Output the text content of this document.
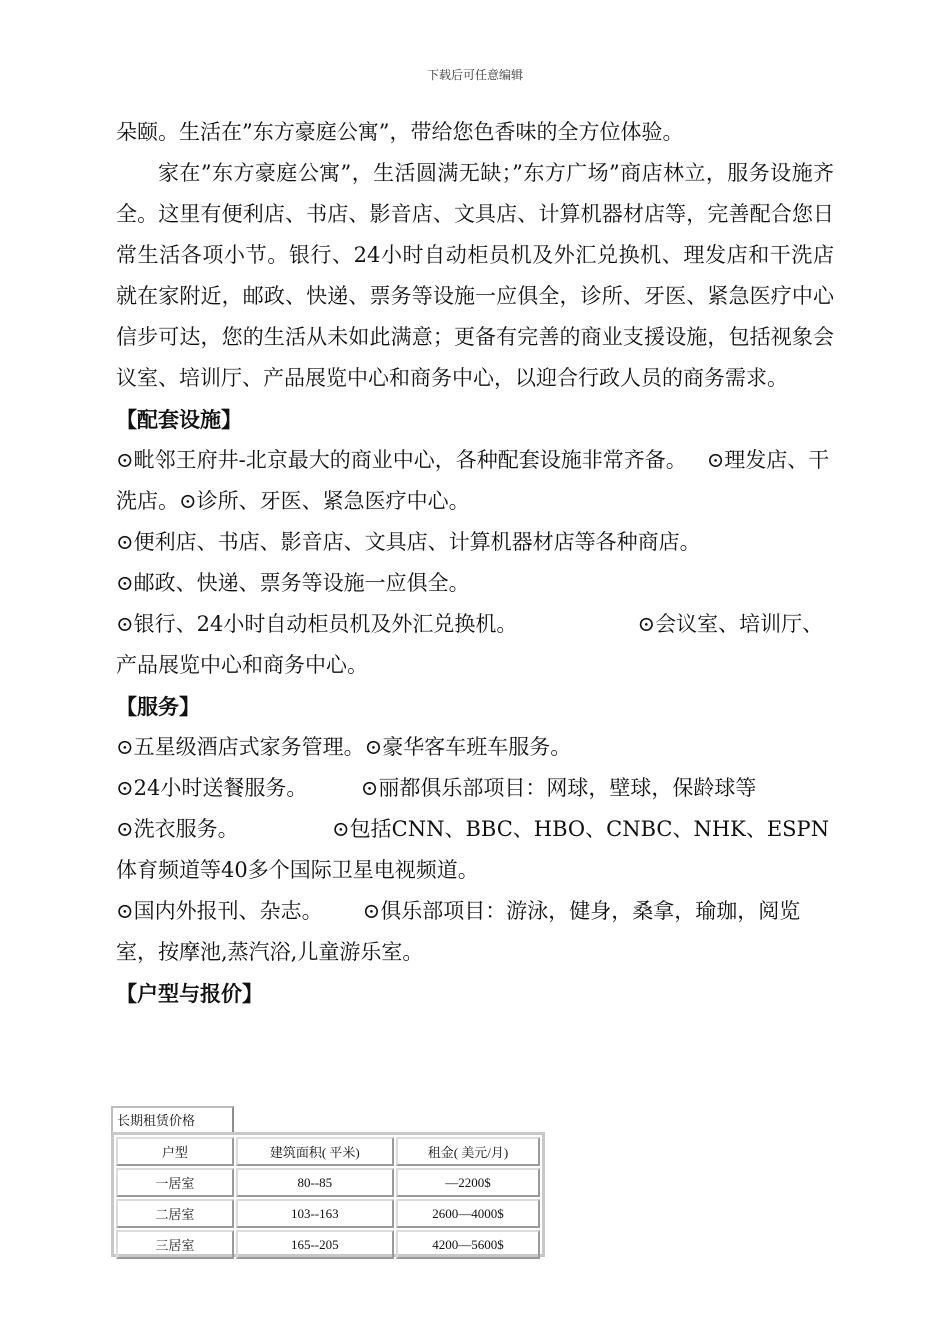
下载后可任意编辑

朵颐。生活在”东方豪庭公寓”，带给您色香味的全方位体验。

家在”东方豪庭公寓”，生活圆满无缺；”东方广场”商店林立，服务设施齐全。这里有便利店、书店、影音店、文具店、计算机器材店等，完善配合您日常生活各项小节。银行、24小时自动柜员机及外汇兑换机、理发店和干洗店就在家附近，邮政、快递、票务等设施一应俱全，诊所、牙医、紧急医疗中心信步可达，您的生活从未如此满意；更备有完善的商业支援设施，包括视象会议室、培训厅、产品展览中心和商务中心，以迎合行政人员的商务需求。

【配套设施】

⊙毗邻王府井-北京最大的商业中心，各种配套设施非常齐备。   ⊙理发店、干洗店。⊙诊所、牙医、紧急医疗中心。

⊙便利店、书店、影音店、文具店、计算机器材店等各种商店。

⊙邮政、快递、票务等设施一应俱全。

⊙银行、24小时自动柜员机及外汇兑换机。                  ⊙会议室、培训厅、产品展览中心和商务中心。

【服务】

⊙五星级酒店式家务管理。⊙豪华客车班车服务。

⊙24小时送餐服务。        ⊙丽都俱乐部项目：网球，壁球，保龄球等

⊙洗衣服务。              ⊙包括CNN、BBC、HBO、CNBC、NHK、ESPN体育频道等40多个国际卫星电视频道。

⊙国内外报刊、杂志。      ⊙俱乐部项目：游泳，健身，桑拿，瑜珈，阅览室，按摩池,蒸汽浴,儿童游乐室。

【户型与报价】

长期租赁价格
户型	建筑面积( 平米)	租金( 美元/月)
一居室	80--85	—2200$
二居室	103--163	2600—4000$
三居室	165--205	4200—5600$
